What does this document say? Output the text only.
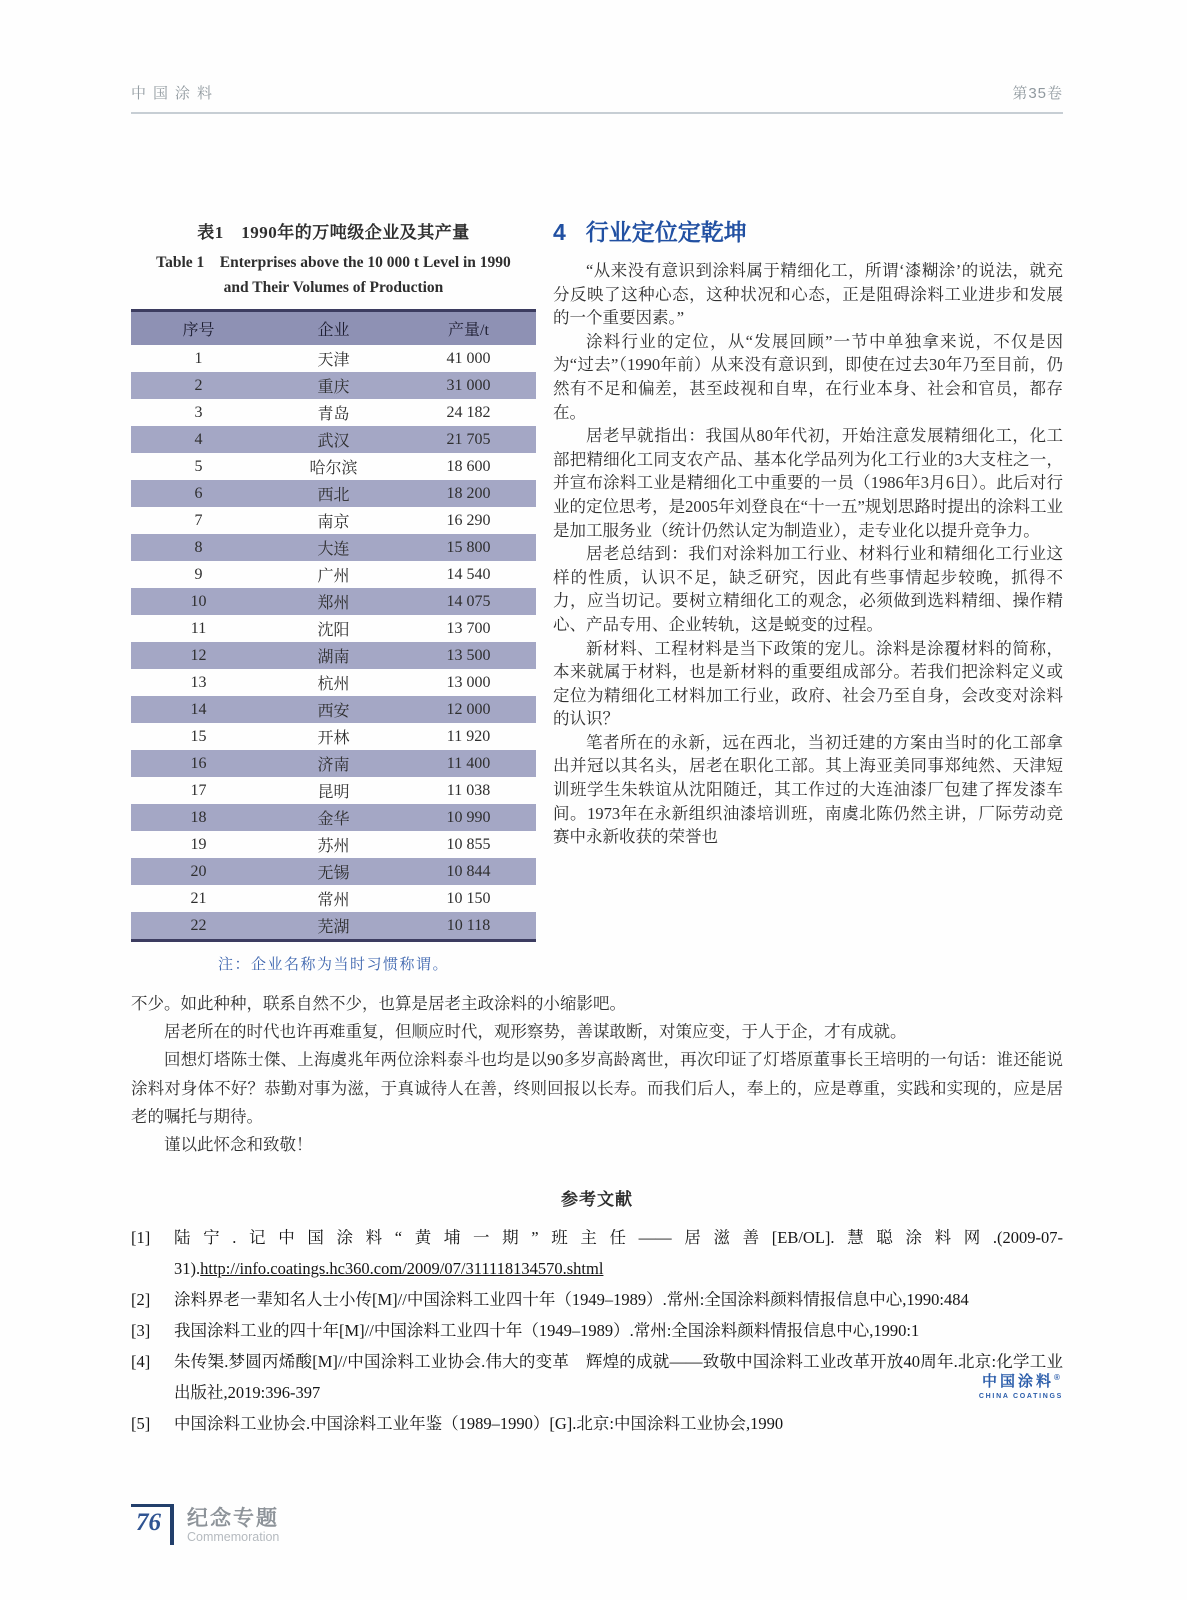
中国涂料	第35卷
表1　1990年的万吨级企业及其产量
Table 1　Enterprises above the 10 000 t Level in 1990
and Their Volumes of Production
序号	企业	产量/t
1	天津	41 000
2	重庆	31 000
3	青岛	24 182
4	武汉	21 705
5	哈尔滨	18 600
6	西北	18 200
7	南京	16 290
8	大连	15 800
9	广州	14 540
10	郑州	14 075
11	沈阳	13 700
12	湖南	13 500
13	杭州	13 000
14	西安	12 000
15	开林	11 920
16	济南	11 400
17	昆明	11 038
18	金华	10 990
19	苏州	10 855
20	无锡	10 844
21	常州	10 150
22	芜湖	10 118
注：企业名称为当时习惯称谓。
4 行业定位定乾坤

“从来没有意识到涂料属于精细化工，所谓‘漆糊涂’的说法，就充分反映了这种心态，这种状况和心态，正是阻碍涂料工业进步和发展的一个重要因素。”

涂料行业的定位，从“发展回顾”一节中单独拿来说，不仅是因为“过去”（1990年前）从来没有意识到，即使在过去30年乃至目前，仍然有不足和偏差，甚至歧视和自卑，在行业本身、社会和官员，都存在。

居老早就指出：我国从80年代初，开始注意发展精细化工，化工部把精细化工同支农产品、基本化学品列为化工行业的3大支柱之一，并宣布涂料工业是精细化工中重要的一员（1986年3月6日）。此后对行业的定位思考，是2005年刘登良在“十一五”规划思路时提出的涂料工业是加工服务业（统计仍然认定为制造业），走专业化以提升竞争力。

居老总结到：我们对涂料加工行业、材料行业和精细化工行业这样的性质，认识不足，缺乏研究，因此有些事情起步较晚，抓得不力，应当切记。要树立精细化工的观念，必须做到选料精细、操作精心、产品专用、企业转轨，这是蜕变的过程。

新材料、工程材料是当下政策的宠儿。涂料是涂覆材料的简称，本来就属于材料，也是新材料的重要组成部分。若我们把涂料定义或定位为精细化工材料加工行业，政府、社会乃至自身，会改变对涂料的认识？

笔者所在的永新，远在西北，当初迁建的方案由当时的化工部拿出并冠以其名头，居老在职化工部。其上海亚美同事郑纯然、天津短训班学生朱轶谊从沈阳随迁，其工作过的大连油漆厂包建了挥发漆车间。1973年在永新组织油漆培训班，南虞北陈仍然主讲，厂际劳动竞赛中永新收获的荣誉也

不少。如此种种，联系自然不少，也算是居老主政涂料的小缩影吧。

居老所在的时代也许再难重复，但顺应时代，观形察势，善谋敢断，对策应变，于人于企，才有成就。

回想灯塔陈士傑、上海虞兆年两位涂料泰斗也均是以90多岁高龄离世，再次印证了灯塔原董事长王培明的一句话：谁还能说涂料对身体不好？恭勤对事为滋，于真诚待人在善，终则回报以长寿。而我们后人，奉上的，应是尊重，实践和实现的，应是居老的嘱托与期待。

谨以此怀念和致敬！

参考文献

[1] 陆宁.记中国涂料“黄埔一期”班主任——居滋善[EB/OL].慧聪涂料网.(2009-07-31).http://info.coatings.hc360.com/2009/07/311118134570.shtml

[2] 涂料界老一辈知名人士小传[M]//中国涂料工业四十年（1949–1989）.常州:全国涂料颜料情报信息中心,1990:484

[3] 我国涂料工业的四十年[M]//中国涂料工业四十年（1949–1989）.常州:全国涂料颜料情报信息中心,1990:1

[4] 朱传榘.梦圆丙烯酸[M]//中国涂料工业协会.伟大的变革　辉煌的成就——致敬中国涂料工业改革开放40周年.北京:化学工业出版社,2019:396-397

[5] 中国涂料工业协会.中国涂料工业年鉴（1989–1990）[G].北京:中国涂料工业协会,1990

中国涂料®
CHINA COATINGS
76 纪念专题
Commemoration
